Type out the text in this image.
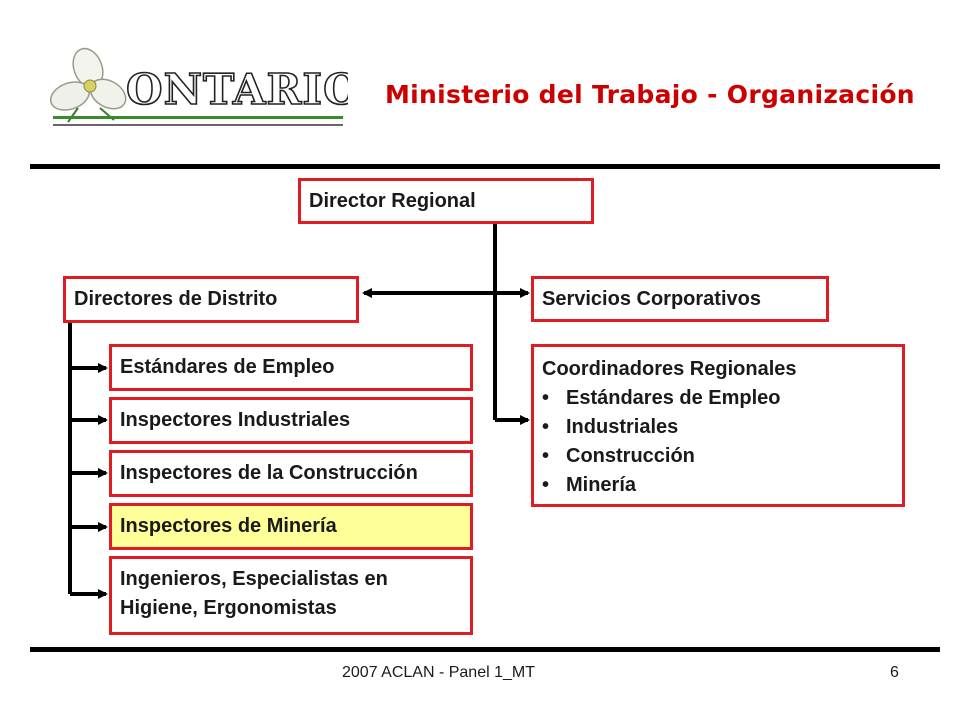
ONTARIO Ministerio del Trabajo - Organización
Director Regional
Directores de Distrito	Servicios Corporativos
Estándares de Empleo
Inspectores Industriales
Inspectores de la Construcción
Inspectores de Minería
Ingenieros, Especialistas en
Higiene, Ergonomistas
Coordinadores Regionales
• Estándares de Empleo
• Industriales
• Construcción
• Minería
2007 ACLAN - Panel 1_MT	6
